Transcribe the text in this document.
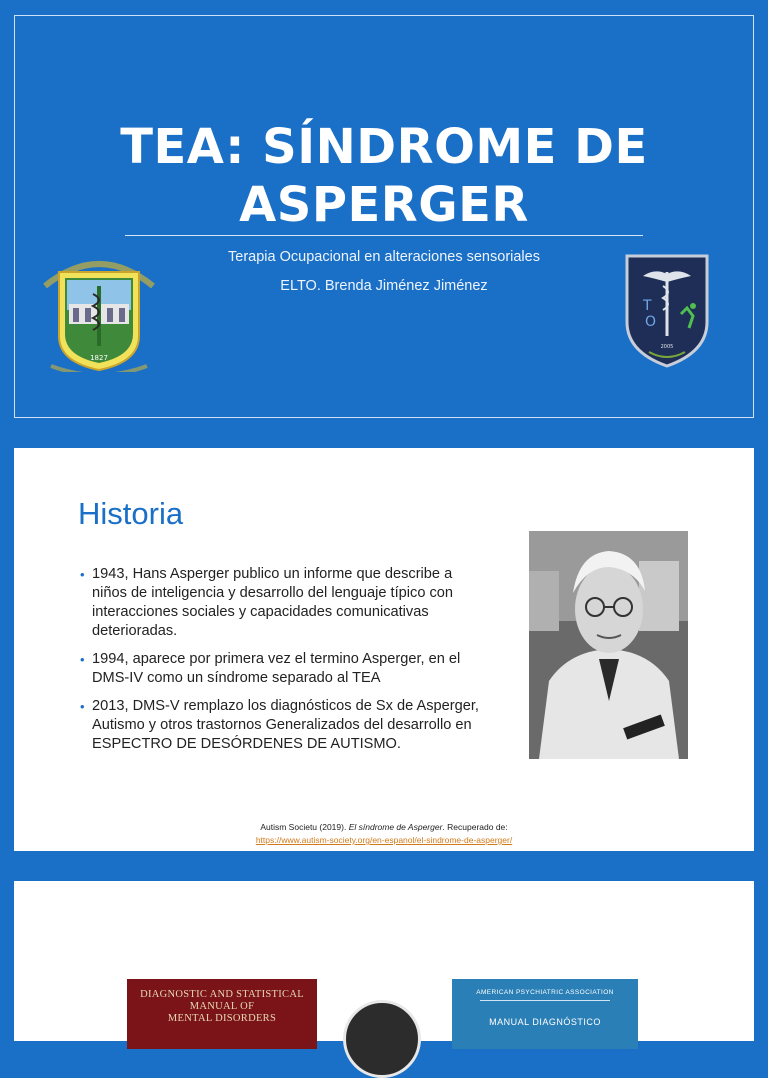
TEA: SÍNDROME DE
ASPERGER
Terapia Ocupacional en alteraciones sensoriales
ELTO. Brenda Jiménez Jiménez
1827
T
O
2005
Historia
• 1943, Hans Asperger publico un informe que describe a niños de inteligencia y desarrollo del lenguaje típico con interacciones sociales y capacidades comunicativas deterioradas.
• 1994, aparece por primera vez el termino Asperger, en el DMS-IV como un síndrome separado al TEA
• 2013, DMS-V remplazo los diagnósticos de Sx de Asperger, Autismo y otros trastornos Generalizados del desarrollo en ESPECTRO DE DESÓRDENES DE AUTISMO.
Autism Societu (2019). El síndrome de Asperger. Recuperado de:
https://www.autism-society.org/en-espanol/el-sindrome-de-asperger/
DIAGNOSTIC AND STATISTICAL
MANUAL OF
MENTAL DISORDERS
AMERICAN PSYCHIATRIC ASSOCIATION
MANUAL DIAGNÓSTICO
